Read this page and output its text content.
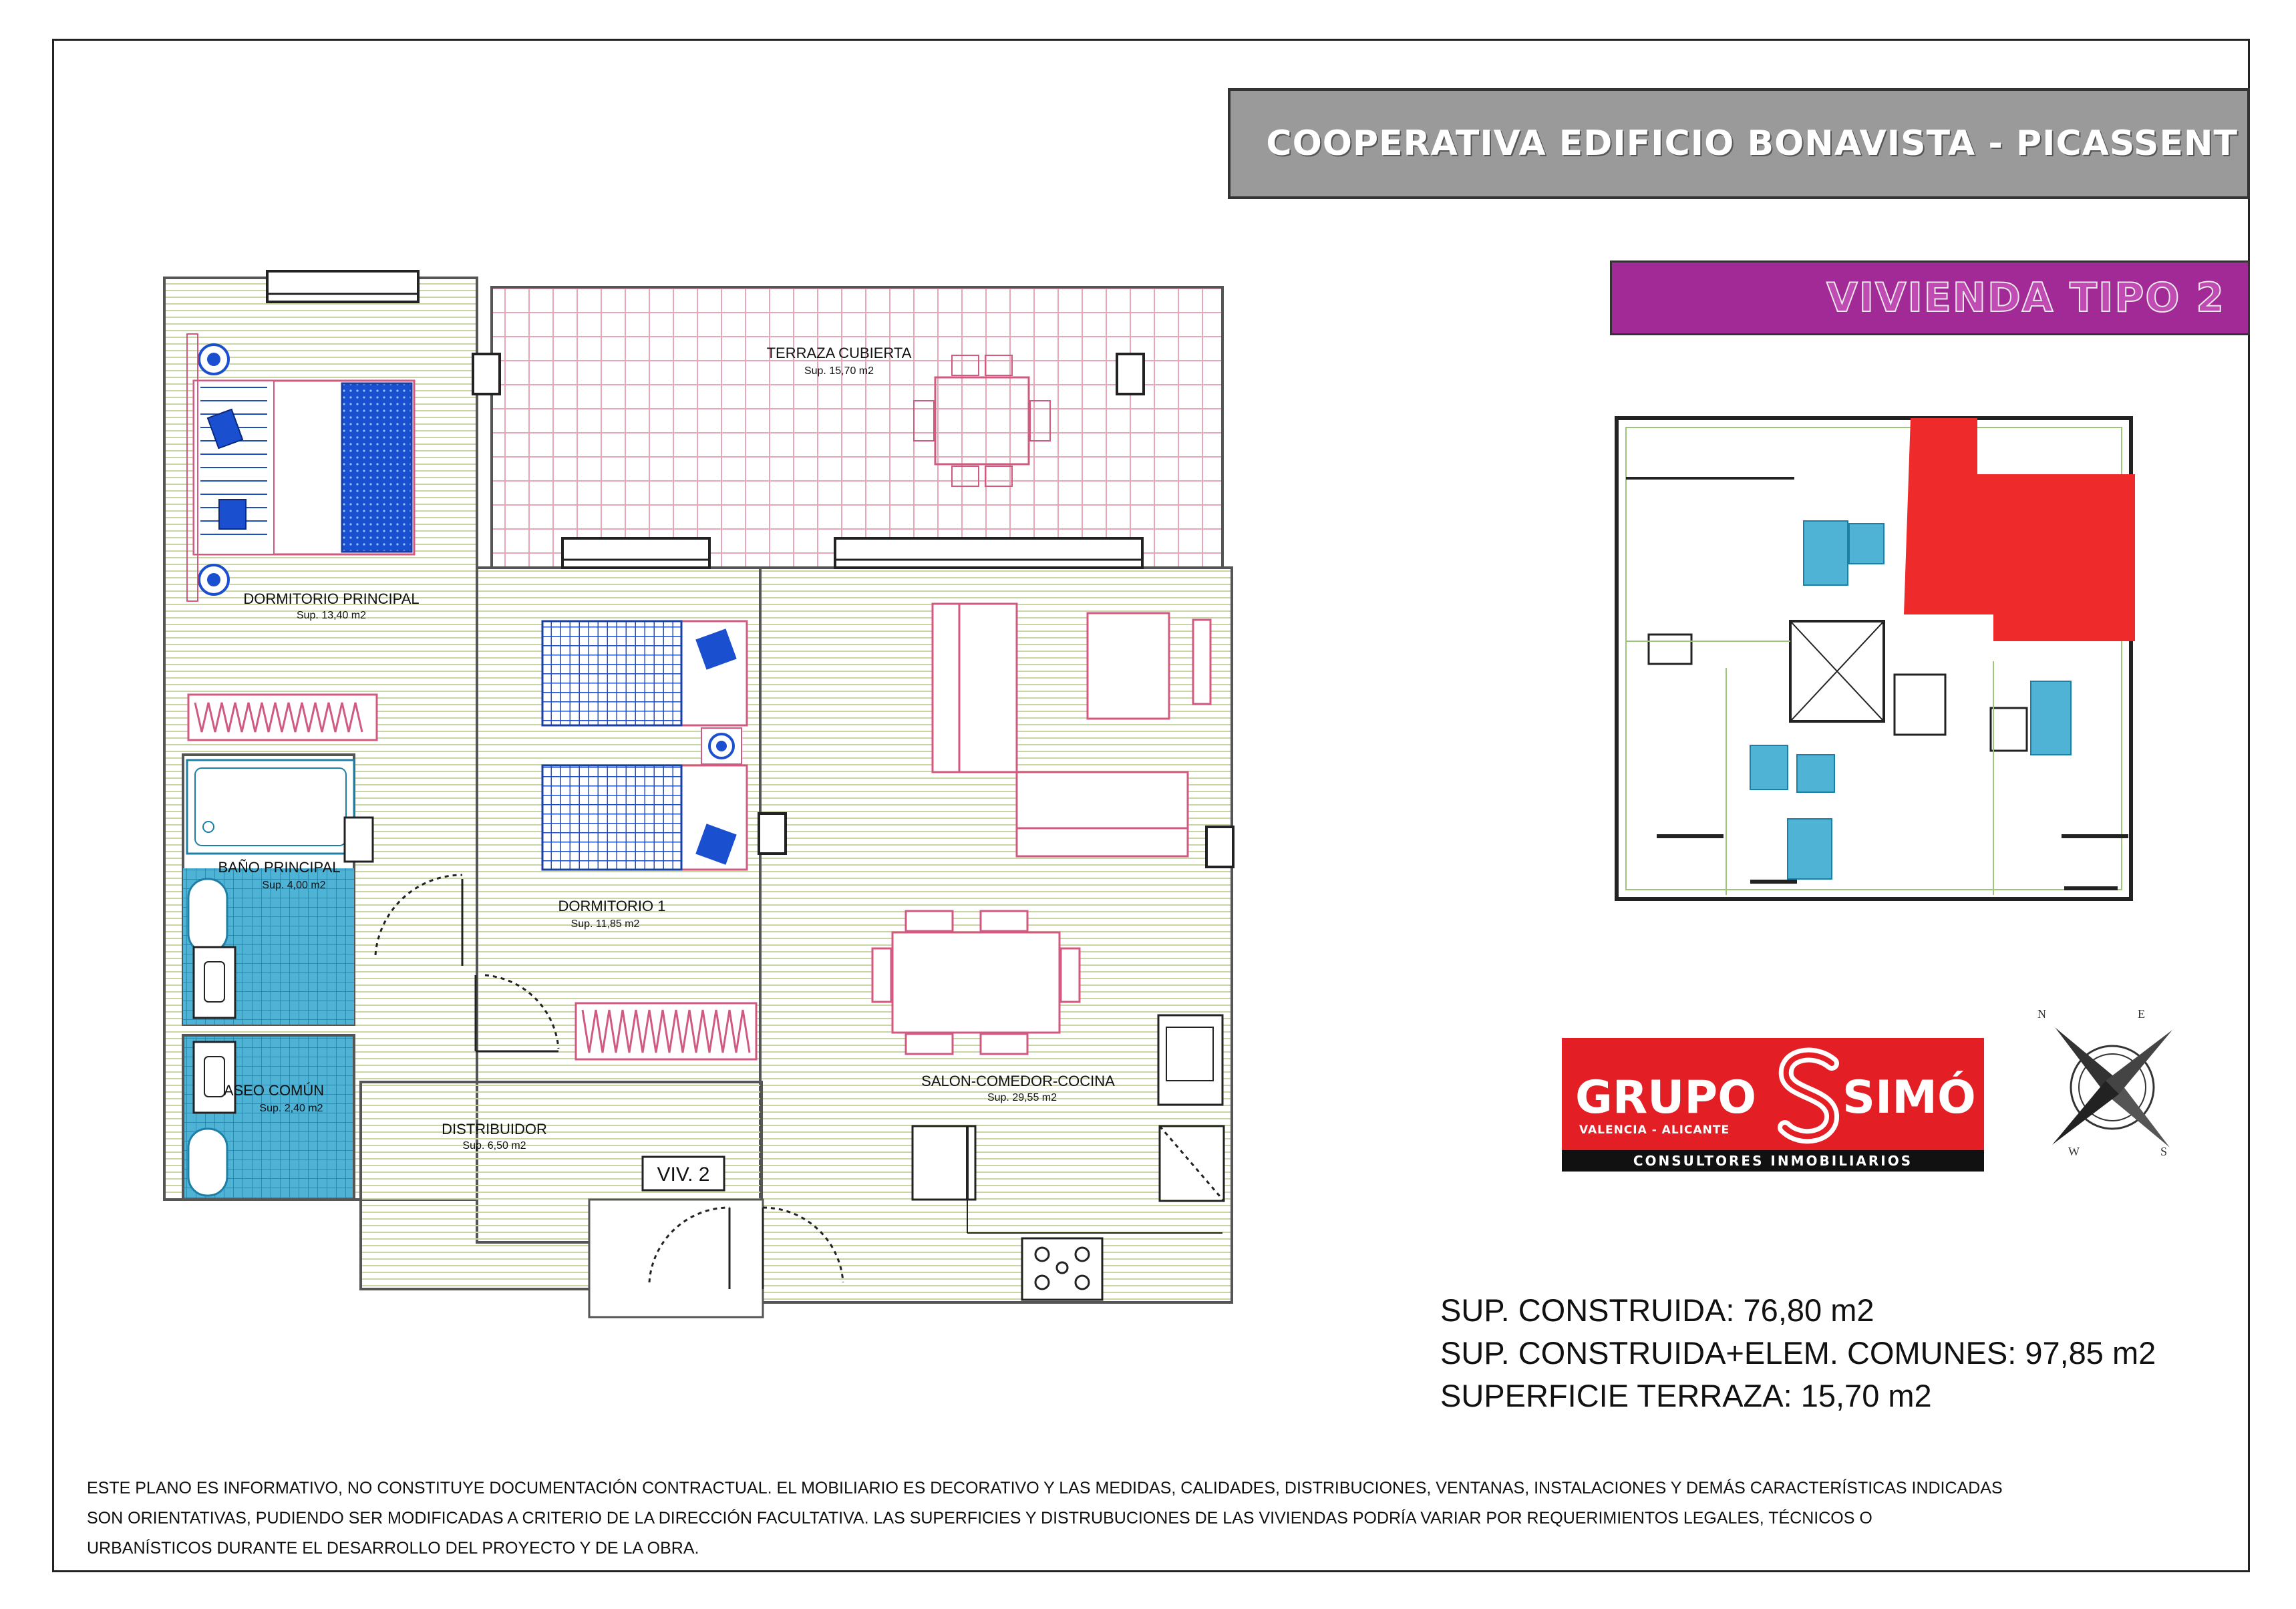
COOPERATIVA EDIFICIO BONAVISTA - PICASSENT
VIVIENDA TIPO 2
TERRAZA CUBIERTA
Sup. 15,70 m2
DORMITORIO PRINCIPAL
Sup. 13,40 m2
BAÑO PRINCIPAL
Sup. 4,00 m2
ASEO COMÚN
Sup. 2,40 m2
DORMITORIO 1
Sup. 11,85 m2
DISTRIBUIDOR
Sup. 6,50 m2
SALON-COMEDOR-COCINA
Sup. 29,55 m2
VIV. 2
N	E
S
W
GRUPO SIMÓ
VALENCIA - ALICANTE
CONSULTORES INMOBILIARIOS
SUP. CONSTRUIDA: 76,80 m2
SUP. CONSTRUIDA+ELEM. COMUNES: 97,85 m2
SUPERFICIE TERRAZA: 15,70 m2

ESTE PLANO ES INFORMATIVO, NO CONSTITUYE DOCUMENTACIÓN CONTRACTUAL. EL MOBILIARIO ES DECORATIVO Y LAS MEDIDAS, CALIDADES, DISTRIBUCIONES, VENTANAS, INSTALACIONES Y DEMÁS CARACTERÍSTICAS INDICADAS

SON ORIENTATIVAS, PUDIENDO SER MODIFICADAS A CRITERIO DE LA DIRECCIÓN FACULTATIVA. LAS SUPERFICIES Y DISTRUBUCIONES DE LAS VIVIENDAS PODRÍA VARIAR POR REQUERIMIENTOS LEGALES, TÉCNICOS O

URBANÍSTICOS DURANTE EL DESARROLLO DEL PROYECTO Y DE LA OBRA.
